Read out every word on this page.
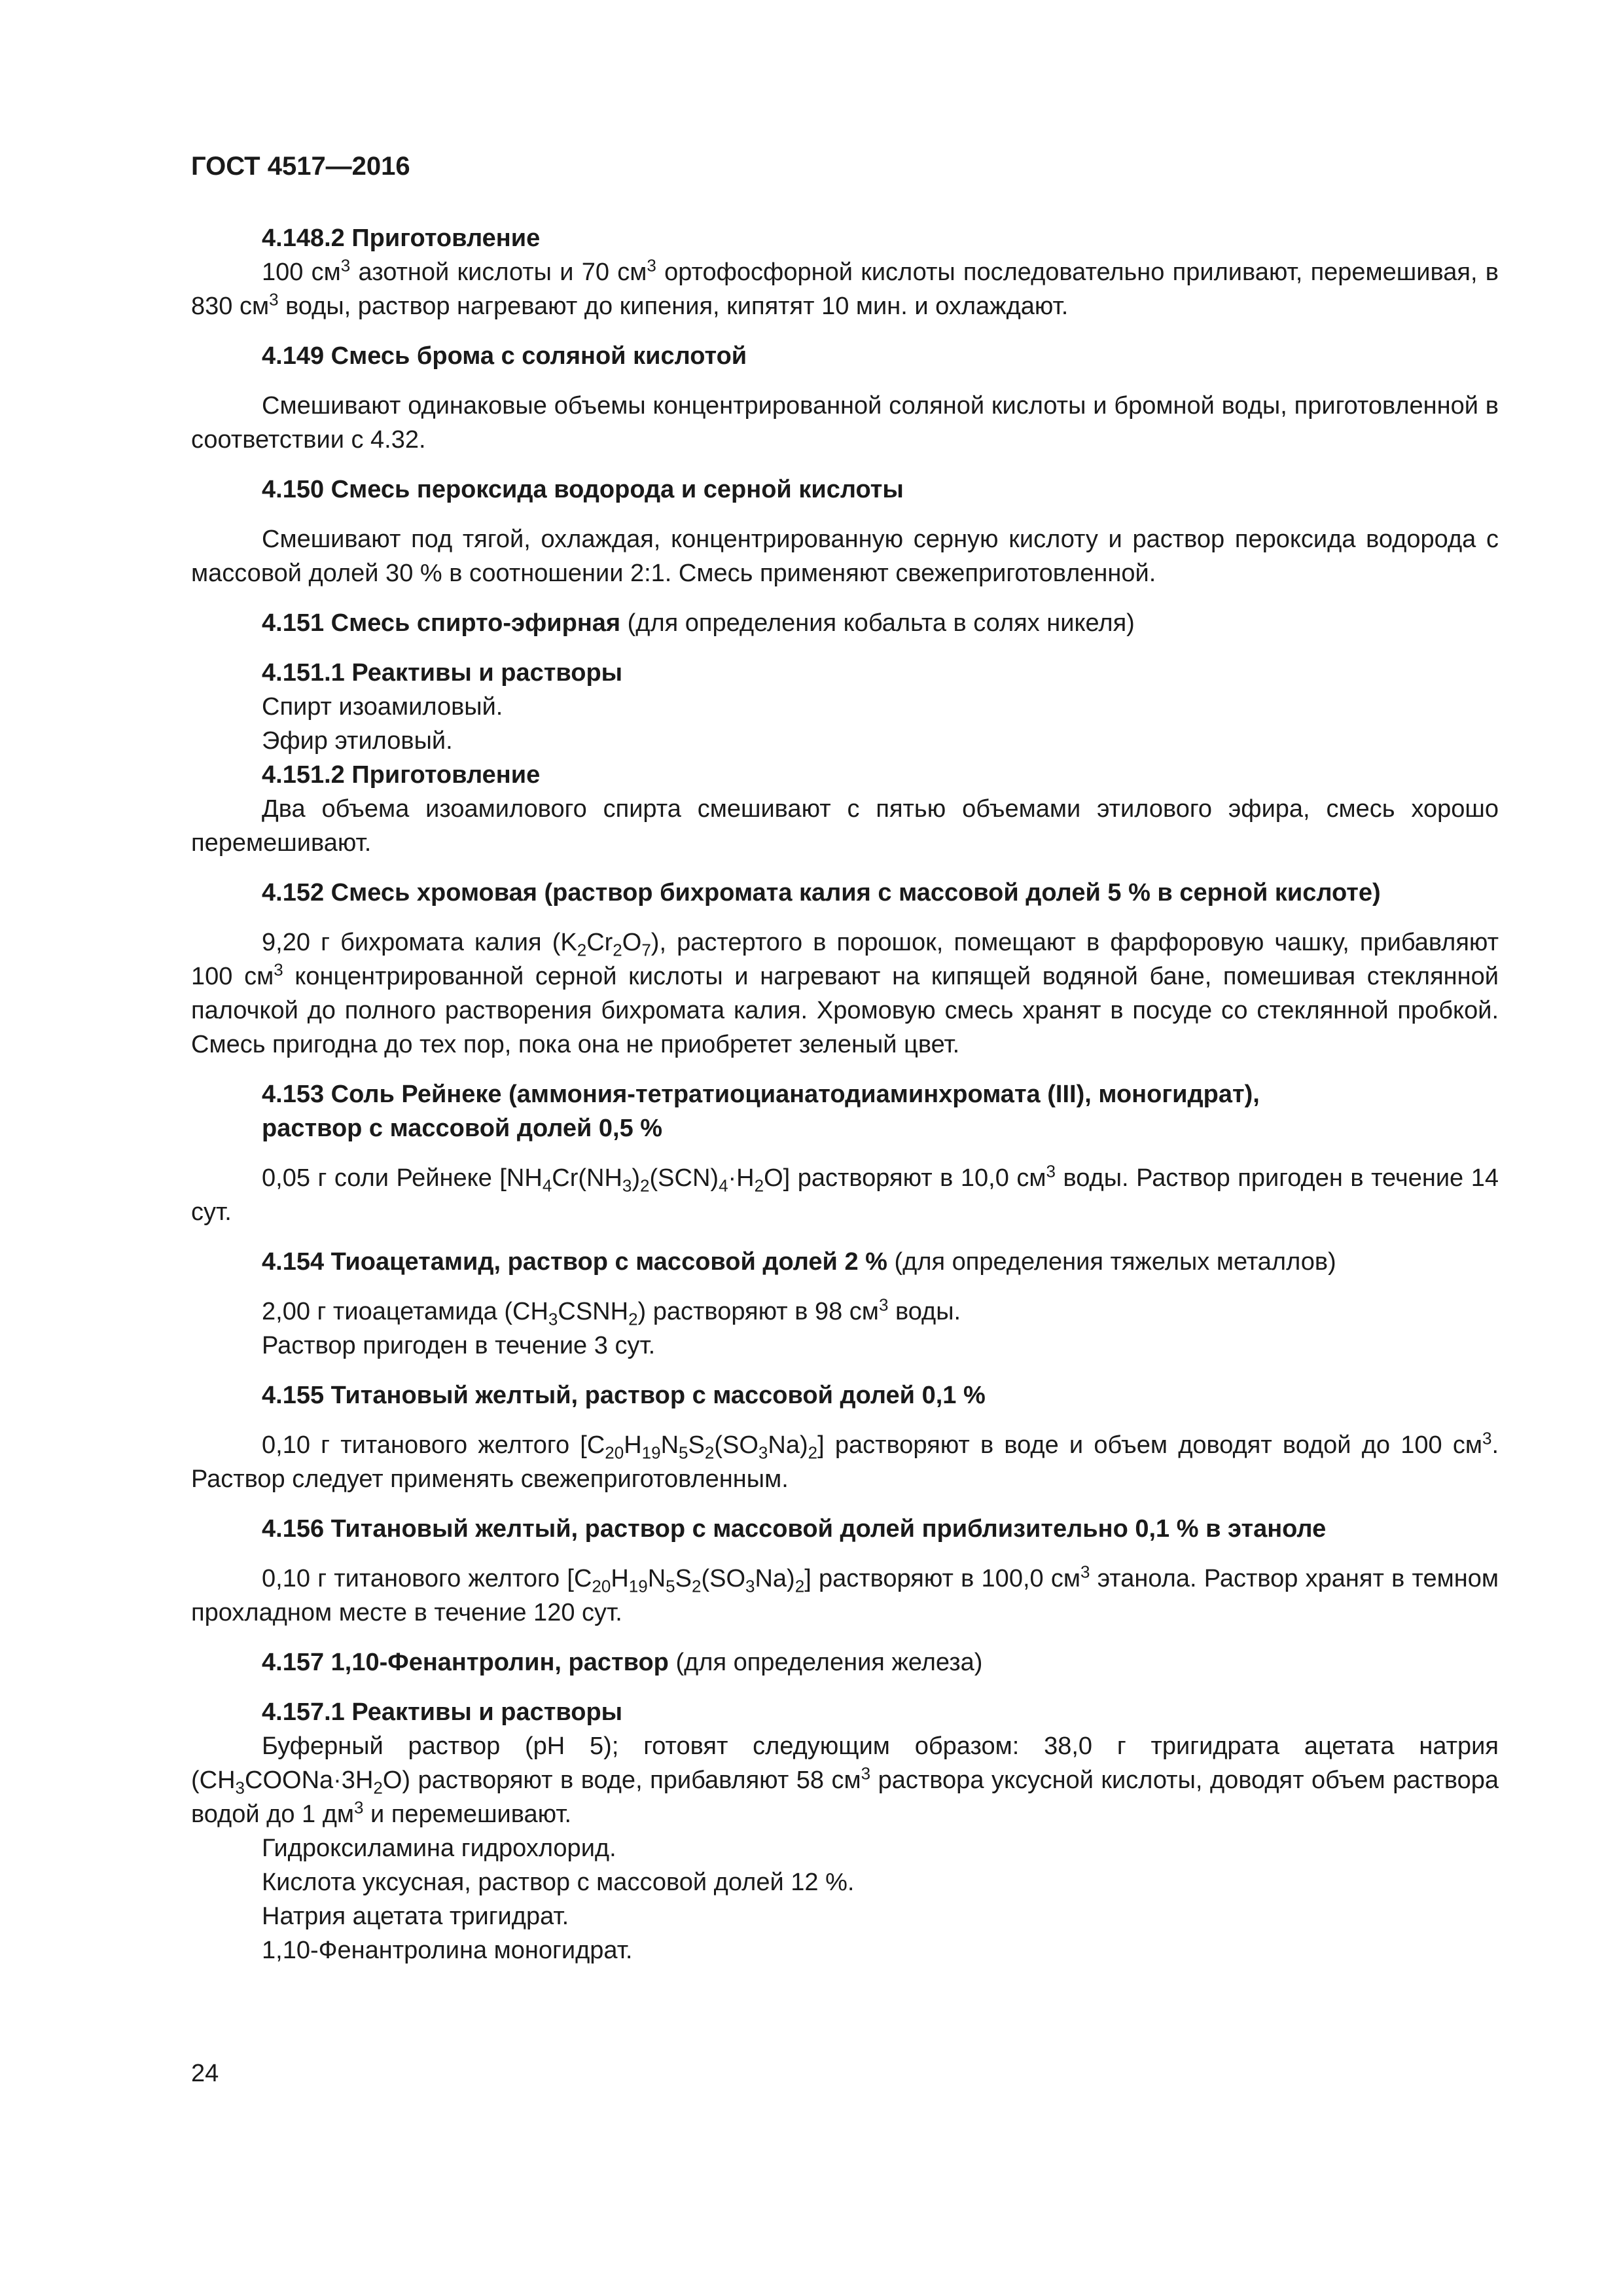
ГОСТ 4517—2016

4.148.2 Приготовление

100 $см^3$ азотной кислоты и 70 $см^3$ ортофосфорной кислоты последовательно приливают, перемешивая, в 830 $см^3$ воды, раствор нагревают до кипения, кипятят 10 мин. и охлаждают.

4.149 Смесь брома с соляной кислотой

Смешивают одинаковые объемы концентрированной соляной кислоты и бромной воды, приготовленной в соответствии с 4.32.

4.150 Смесь пероксида водорода и серной кислоты

Смешивают под тягой, охлаждая, концентрированную серную кислоту и раствор пероксида водорода с массовой долей 30 % в соотношении 2:1. Смесь применяют свежеприготовленной.

4.151 Смесь спирто-эфирная (для определения кобальта в солях никеля)

4.151.1 Реактивы и растворы

Спирт изоамиловый.

Эфир этиловый.

4.151.2 Приготовление

Два объема изоамилового спирта смешивают с пятью объемами этилового эфира, смесь хорошо перемешивают.

4.152 Смесь хромовая (раствор бихромата калия с массовой долей 5 % в серной кислоте)

9,20 г бихромата калия $(K_2Cr_2O_7)$, растертого в порошок, помещают в фарфоровую чашку, прибавляют 100 $см^3$ концентрированной серной кислоты и нагревают на кипящей водяной бане, помешивая стеклянной палочкой до полного растворения бихромата калия. Хромовую смесь хранят в посуде со стеклянной пробкой. Смесь пригодна до тех пор, пока она не приобретет зеленый цвет.

4.153 Соль Рейнеке (аммония-тетратиоцианатодиаминхромата (III), моногидрат),

раствор с массовой долей 0,5 %

0,05 г соли Рейнеке $[NH_4Cr(NH_3)_2(SCN)_4\cdot H_2O]$ растворяют в 10,0 $см^3$ воды. Раствор пригоден в течение 14 сут.

4.154 Тиоацетамид, раствор с массовой долей 2 % (для определения тяжелых металлов)

2,00 г тиоацетамида $(CH_3CSNH_2)$ растворяют в 98 $см^3$ воды.

Раствор пригоден в течение 3 сут.

4.155 Титановый желтый, раствор с массовой долей 0,1 %

0,10 г титанового желтого $[C_{20}H_{19}N_5S_2(SO_3Na)_2]$ растворяют в воде и объем доводят водой до 100 $см^3$. Раствор следует применять свежеприготовленным.

4.156 Титановый желтый, раствор с массовой долей приблизительно 0,1 % в этаноле

0,10 г титанового желтого $[C_{20}H_{19}N_5S_2(SO_3Na)_2]$ растворяют в 100,0 $см^3$ этанола. Раствор хранят в темном прохладном месте в течение 120 сут.

4.157 1,10-Фенантролин, раствор (для определения железа)

4.157.1 Реактивы и растворы

Буферный раствор (pH 5); готовят следующим образом: 38,0 г тригидрата ацетата натрия $(CH_3COONa\cdot 3H_2O)$ растворяют в воде, прибавляют 58 $см^3$ раствора уксусной кислоты, доводят объем раствора водой до 1 $дм^3$ и перемешивают.

Гидроксиламина гидрохлорид.

Кислота уксусная, раствор с массовой долей 12 %.

Натрия ацетата тригидрат.

1,10-Фенантролина моногидрат.

24
